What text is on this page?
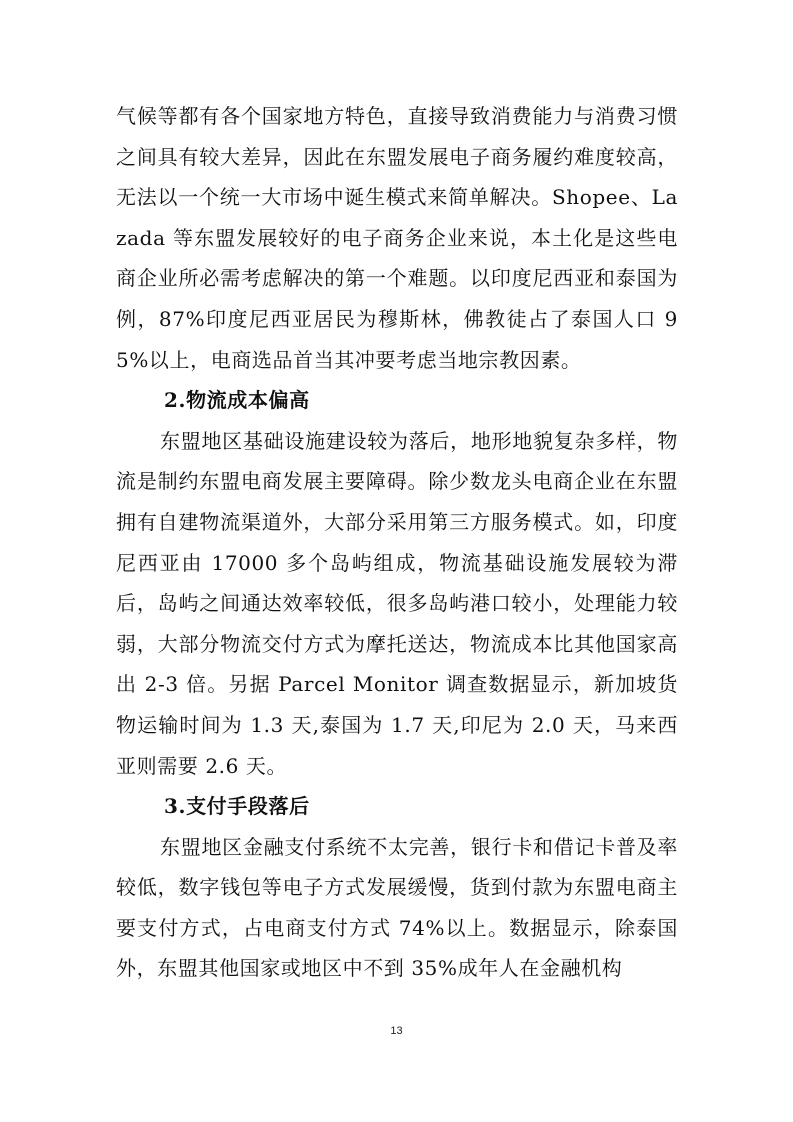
气候等都有各个国家地方特色，直接导致消费能力与消费习惯之间具有较大差异，因此在东盟发展电子商务履约难度较高，无法以一个统一大市场中诞生模式来简单解决。Shopee、Lazada 等东盟发展较好的电子商务企业来说，本土化是这些电商企业所必需考虑解决的第一个难题。以印度尼西亚和泰国为例，87%印度尼西亚居民为穆斯林，佛教徒占了泰国人口 95%以上，电商选品首当其冲要考虑当地宗教因素。

2.物流成本偏高

东盟地区基础设施建设较为落后，地形地貌复杂多样，物流是制约东盟电商发展主要障碍。除少数龙头电商企业在东盟拥有自建物流渠道外，大部分采用第三方服务模式。如，印度尼西亚由 17000 多个岛屿组成，物流基础设施发展较为滞后，岛屿之间通达效率较低，很多岛屿港口较小，处理能力较弱，大部分物流交付方式为摩托送达，物流成本比其他国家高出 2-3 倍。另据 Parcel Monitor 调查数据显示，新加坡货物运输时间为 1.3 天,泰国为 1.7 天,印尼为 2.0 天，马来西亚则需要 2.6 天。

3.支付手段落后

东盟地区金融支付系统不太完善，银行卡和借记卡普及率较低，数字钱包等电子方式发展缓慢，货到付款为东盟电商主要支付方式，占电商支付方式 74%以上。数据显示，除泰国外，东盟其他国家或地区中不到 35%成年人在金融机构

13
